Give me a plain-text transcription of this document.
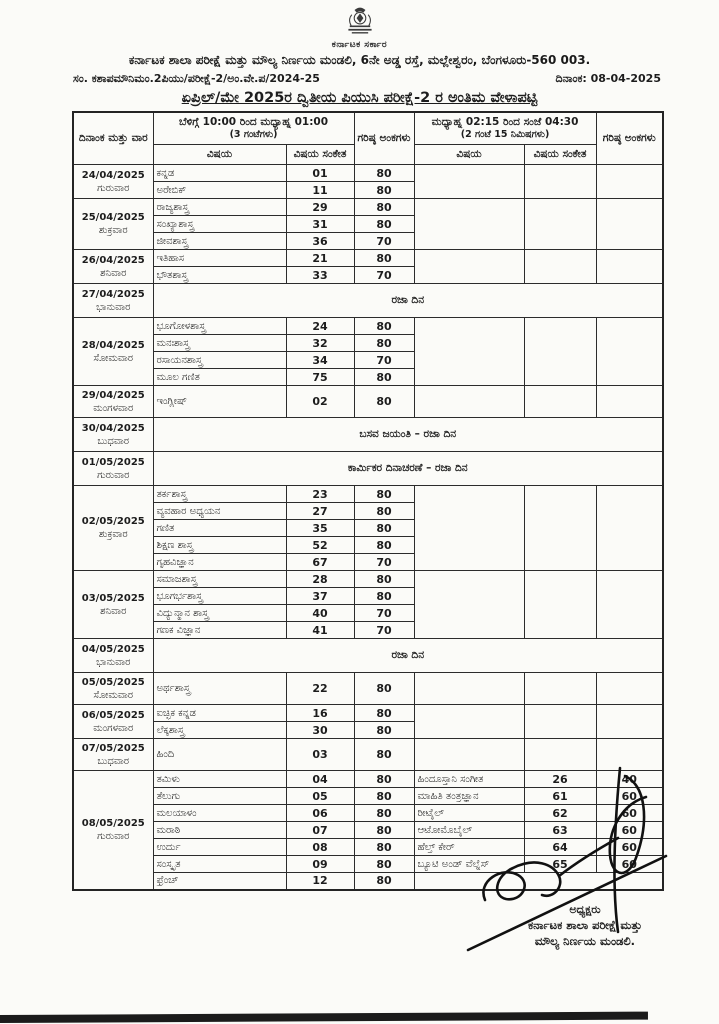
ಕರ್ನಾಟಕ ಸರ್ಕಾರ
ಕರ್ನಾಟಕ ಶಾಲಾ ಪರೀಕ್ಷೆ ಮತ್ತು ಮೌಲ್ಯ ನಿರ್ಣಯ ಮಂಡಲಿ, 6ನೇ ಅಡ್ಡ ರಸ್ತೆ, ಮಲ್ಲೇಶ್ವರಂ, ಬೆಂಗಳೂರು-560 003.
ಸಂ. ಕಶಾಪಮೌನಿಮಂ.2ಪಿಯು/ಪರೀಕ್ಷೆ-2/ಅಂ.ವೇ.ಪ/2024-25	ದಿನಾಂಕ: 08-04-2025
ಏಪ್ರಿಲ್/ಮೇ 2025ರ ದ್ವಿತೀಯ ಪಿಯುಸಿ ಪರೀಕ್ಷೆ-2 ರ ಅಂತಿಮ ವೇಳಾಪಟ್ಟಿ
ದಿನಾಂಕ ಮತ್ತು ವಾರ	
ಬೆಳಿಗ್ಗೆ 10:00 ರಿಂದ ಮಧ್ಯಾಹ್ನ 01:00
(3 ಗಂಟೆಗಳು)	ಗರಿಷ್ಠ ಅಂಕಗಳು	
ಮಧ್ಯಾಹ್ನ 02:15 ರಿಂದ ಸಂಜೆ 04:30
(2 ಗಂಟೆ 15 ನಿಮಿಷಗಳು)	ಗರಿಷ್ಠ ಅಂಕಗಳು
	ವಿಷಯ	ವಿಷಯ ಸಂಕೇತ		ವಿಷಯ	ವಿಷಯ ಸಂಕೇತ	

24/04/2025
ಗುರುವಾರ	ಕನ್ನಡ	01	80			
	ಅರೇಬಿಕ್	11	80			

25/04/2025
ಶುಕ್ರವಾರ	ರಾಜ್ಯಶಾಸ್ತ್ರ	29	80			
	ಸಂಖ್ಯಾಶಾಸ್ತ್ರ	31	80			
	ಜೀವಶಾಸ್ತ್ರ	36	70			

26/04/2025
ಶನಿವಾರ	ಇತಿಹಾಸ	21	80			
	ಭೌತಶಾಸ್ತ್ರ	33	70			

27/04/2025
ಭಾನುವಾರ	ರಜಾ ದಿನ					

28/04/2025
ಸೋಮವಾರ	ಭೂಗೋಳಶಾಸ್ತ್ರ	24	80			
	ಮನಃಶಾಸ್ತ್ರ	32	80			
	ರಸಾಯನಶಾಸ್ತ್ರ	34	70			
	ಮೂಲ ಗಣಿತ	75	80			

29/04/2025
ಮಂಗಳವಾರ	ಇಂಗ್ಲೀಷ್	02	80			

30/04/2025
ಬುಧವಾರ	ಬಸವ ಜಯಂತಿ – ರಜಾ ದಿನ					

01/05/2025
ಗುರುವಾರ	ಕಾರ್ಮಿಕರ ದಿನಾಚರಣೆ – ರಜಾ ದಿನ					

02/05/2025
ಶುಕ್ರವಾರ	ತರ್ಕಶಾಸ್ತ್ರ	23	80			
	ವ್ಯವಹಾರ ಅಧ್ಯಯನ	27	80			
	ಗಣಿತ	35	80			
	ಶಿಕ್ಷಣ ಶಾಸ್ತ್ರ	52	80			
	ಗೃಹವಿಜ್ಞಾನ	67	70			

03/05/2025
ಶನಿವಾರ	ಸಮಾಜಶಾಸ್ತ್ರ	28	80			
	ಭೂಗರ್ಭಶಾಸ್ತ್ರ	37	80			
	ವಿದ್ಯುನ್ಮಾನ ಶಾಸ್ತ್ರ	40	70			
	ಗಣಕ ವಿಜ್ಞಾನ	41	70			

04/05/2025
ಭಾನುವಾರ	ರಜಾ ದಿನ					

05/05/2025
ಸೋಮವಾರ	ಅರ್ಥಶಾಸ್ತ್ರ	22	80			

06/05/2025
ಮಂಗಳವಾರ	ಐಚ್ಛಿಕ ಕನ್ನಡ	16	80			
	ಲೆಕ್ಕಶಾಸ್ತ್ರ	30	80			

07/05/2025
ಬುಧವಾರ	ಹಿಂದಿ	03	80			

08/05/2025
ಗುರುವಾರ	ತಮಿಳು	04	80	ಹಿಂದೂಸ್ತಾನಿ ಸಂಗೀತ	26	40
	ತೆಲುಗು	05	80	ಮಾಹಿತಿ ತಂತ್ರಜ್ಞಾನ	61	60
	ಮಲಯಾಳಂ	06	80	ರೀಟೈಲ್	62	60
	ಮರಾಠಿ	07	80	ಆಟೋಮೊಬೈಲ್	63	60
	ಉರ್ದು	08	80	ಹೆಲ್ತ್ ಕೇರ್	64	60
	ಸಂಸ್ಕೃತ	09	80	ಬ್ಯೂಟಿ ಅಂಡ್ ವೆಲ್ನೆಸ್	65	60
	ಫ್ರೆಂಚ್	12	80			
ಅಧ್ಯಕ್ಷರು
ಕರ್ನಾಟಕ ಶಾಲಾ ಪರೀಕ್ಷೆ ಮತ್ತು
ಮೌಲ್ಯ ನಿರ್ಣಯ ಮಂಡಲಿ.
